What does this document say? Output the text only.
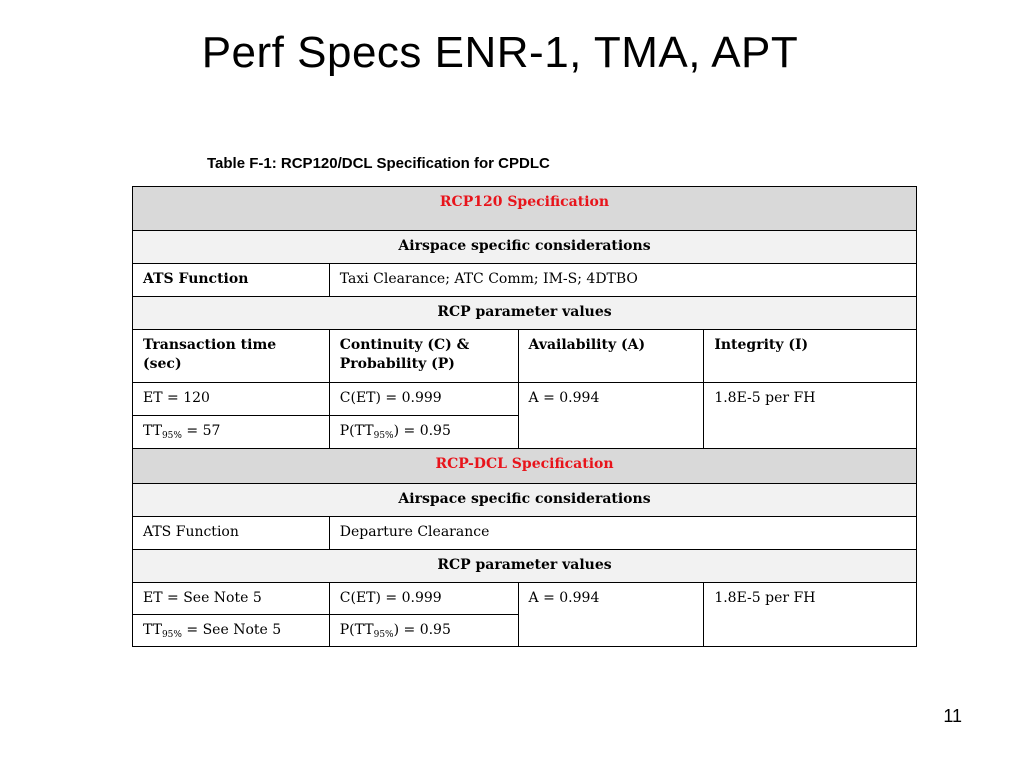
Perf Specs ENR-1, TMA, APT
Table F-1: RCP120/DCL Specification for CPDLC
RCP120 Specification			
Airspace specific considerations			
ATS Function	Taxi Clearance; ATC Comm; IM-S; 4DTBO		
RCP parameter values			
Transaction time (sec)	Continuity (C) & Probability (P)	Availability (A)	Integrity (I)
ET = 120	C(ET) = 0.999	A = 0.994	1.8E-5 per FH
$TT_{95\%} = 57$	$P(TT_{95\%}) = 0.95$		
RCP-DCL Specification			
Airspace specific considerations			
ATS Function	Departure Clearance		
RCP parameter values			
ET = See Note 5	C(ET) = 0.999	A = 0.994	1.8E-5 per FH
$TT_{95\%}$ = See Note 5	$P(TT_{95\%}) = 0.95$		
11
